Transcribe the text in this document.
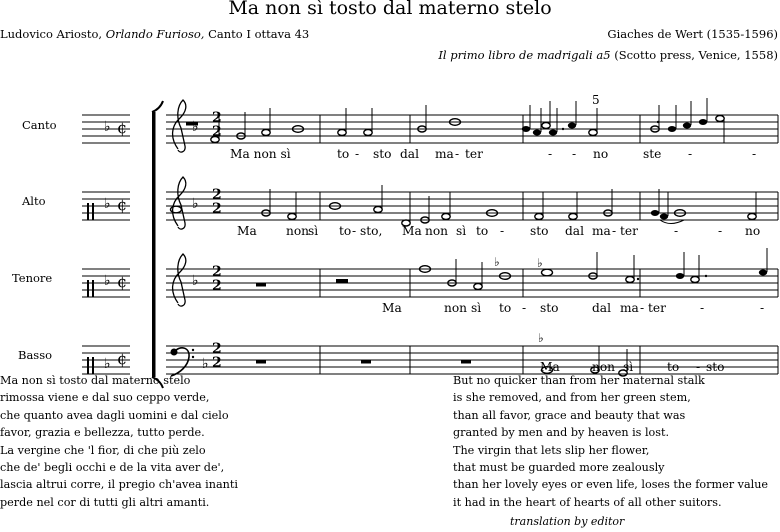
Ma non sì tosto dal materno stelo
Ludovico Ariosto, Orlando Furioso, Canto I ottava 43	Giaches de Wert (1535-1596)
Il primo libro de madrigali a5 (Scotto press, Venice, 1558)
Canto
Alto
Tenore
Basso
5
♭
♭
♭
♭
♭
♭
♭
♭
♭	♭
♭
¢
¢
¢
¢
2
2
2
2
2
2
2
2
Ma non sì	to - sto dal ma - ter	- - no	ste -	-
Ma non
sì to - sto, Ma non sì to - sto dal ma - ter	-	- no
Ma	non sì to - sto	dal ma - ter	-	-
Ma	non sì	to - sto
Ma non sì tosto dal materno stelo
rimossa viene e dal suo ceppo verde,
che quanto avea dagli uomini e dal cielo
favor, grazia e bellezza, tutto perde.
La vergine che 'l fior, di che più zelo
che de' begli occhi e de la vita aver de',
lascia altrui corre, il pregio ch'avea inanti
perde nel cor di tutti gli altri amanti.
But no quicker than from her maternal stalk
is she removed, and from her green stem,
than all favor, grace and beauty that was
granted by men and by heaven is lost.
The virgin that lets slip her flower,
that must be guarded more zealously
than her lovely eyes or even life, loses the former value
it had in the heart of hearts of all other suitors.
translation by editor
